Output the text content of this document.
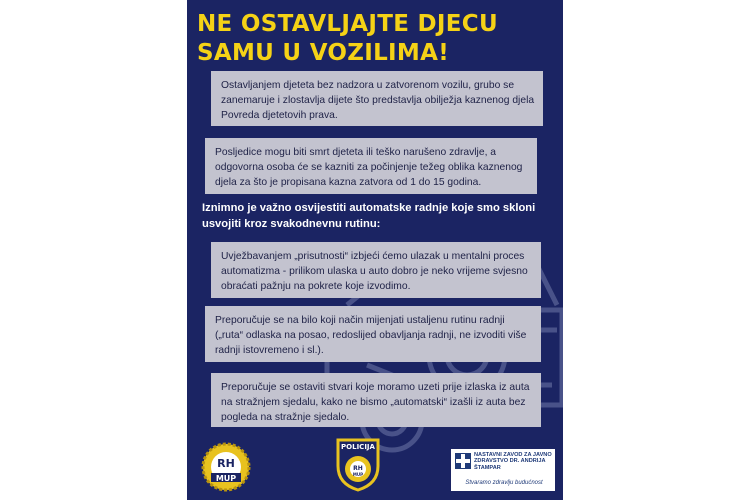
NE OSTAVLJAJTE DJECU
SAMU U VOZILIMA!
Ostavljanjem djeteta bez nadzora u zatvorenom vozilu, grubo se zanemaruje i zlostavlja dijete što predstavlja obilježja kaznenog djela Povreda djetetovih prava.
Posljedice mogu biti smrt djeteta ili teško narušeno zdravlje, a odgovorna osoba će se kazniti za počinjenje težeg oblika kaznenog djela za što je propisana kazna zatvora od 1 do 15 godina.

Iznimno je važno osvijestiti automatske radnje koje smo skloni usvojiti kroz svakodnevnu rutinu:

Uvježbavanjem „prisutnosti“ izbjeći ćemo ulazak u mentalni proces automatizma - prilikom ulaska u auto dobro je neko vrijeme svjesno obraćati pažnju na pokrete koje izvodimo.
Preporučuje se na bilo koji način mijenjati ustaljenu rutinu radnji („ruta“ odlaska na posao, redoslijed obavljanja radnji, ne izvoditi više radnji istovremeno i sl.).
Preporučuje se ostaviti stvari koje moramo uzeti prije izlaska iz auta na stražnjem sjedalu, kako ne bismo „automatski“ izašli iz auta bez pogleda na stražnje sjedalo.
RH
MUP
POLICIJA
RH
MUP
NASTAVNI ZAVOD ZA JAVNO ZDRAVSTVO DR. ANDRIJA ŠTAMPAR
Stvaramo zdravlju budućnost
